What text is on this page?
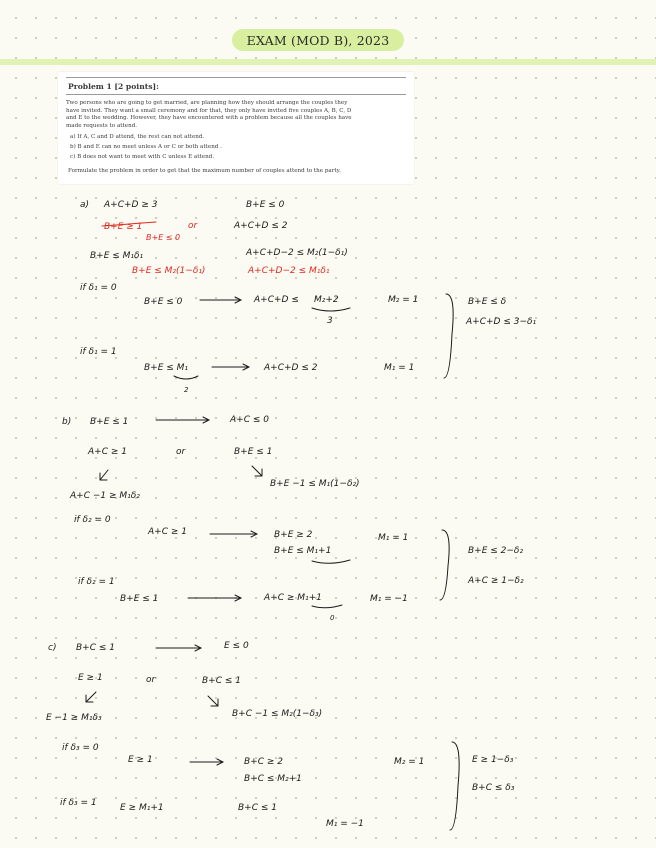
EXAM (MOD B), 2023
Problem 1 [2 points]:
Two persons who are going to get married, are planning how they should arrange the couples they
have invited. They want a small ceremony and for that, they only have invited five couples A, B, C, D
and E to the wedding. However, they have encountered with a problem because all the couples have
made requests to attend.
a) If A, C and D attend, the rest can not attend.
b) B and E can no meet unless A or C or both attend .
c) B does not want to meet with C unless E attend.
Formulate the problem in order to get that the maximum number of couples attend to the party.
a) A+C+D ≥ 3	B+E ≤ 0
B+E ≥ 1	or	A+C+D ≤ 2
B+E ≤ 0
B+E ≤ M₁δ₁	A+C+D−2 ≤ M₂(1−δ₁)
B+E ≤ M₂(1−δ₁)	A+C+D−2 ≤ M₁δ₁
if δ₁ = 0
B+E ≤ 0	A+C+D ≤ M₂+2
3
M₂ = 1
if δ₁ = 1
B+E ≤ M₁
2
A+C+D ≤ 2	M₁ = 1
B+E ≤ δ
A+C+D ≤ 3−δ₁
b) B+E ≤ 1	A+C ≤ 0
A+C ≥ 1	or	B+E ≤ 1
B+E −1 ≤ M₁(1−δ₂)
A+C −1 ≥ M₁δ₂
if δ₂ = 0
A+C ≥ 1	B+E ≥ 2
B+E ≤ M₁+1
M₁ = 1
if δ₂ = 1
B+E ≤ 1	A+C ≥ M₁+1
0
M₁ = −1
B+E ≤ 2−δ₂
A+C ≥ 1−δ₂
c) B+C ≤ 1	E ≤ 0
E ≥ 1	or	B+C ≤ 1
B+C −1 ≤ M₂(1−δ₃)
E −1 ≥ M₁δ₃
if δ₃ = 0
E ≥ 1	B+C ≥ 2
B+C ≤ M₂+1
M₂ = 1
if δ₃ = 1	E ≥ M₁+1	B+C ≤ 1
M₁ = −1
E ≥ 1−δ₃
B+C ≤ δ₃
